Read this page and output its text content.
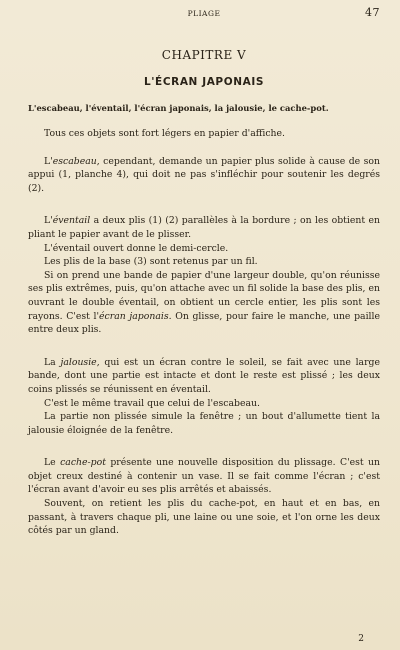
PLIAGE	47
CHAPITRE V
L'ÉCRAN JAPONAIS
L'escabeau, l'éventail, l'écran japonais, la jalousie, le cache-pot.

Tous ces objets sont fort légers en papier d'affiche.

L'escabeau, cependant, demande un papier plus solide à cause de son appui (1, planche 4), qui doit ne pas s'infléchir pour soutenir les degrés (2).

L'éventail a deux plis (1) (2) parallèles à la bordure ; on les obtient en pliant le papier avant de le plisser.

L'éventail ouvert donne le demi-cercle.

Les plis de la base (3) sont retenus par un fil.

Si on prend une bande de papier d'une largeur double, qu'on réunisse ses plis extrêmes, puis, qu'on attache avec un fil solide la base des plis, en ouvrant le double éventail, on obtient un cercle entier, les plis sont les rayons. C'est l'écran japonais. On glisse, pour faire le manche, une paille entre deux plis.

La jalousie, qui est un écran contre le soleil, se fait avec une large bande, dont une partie est intacte et dont le reste est plissé ; les deux coins plissés se réunissent en éventail.

C'est le même travail que celui de l'escabeau.

La partie non plissée simule la fenêtre ; un bout d'allumette tient la jalousie éloignée de la fenêtre.

Le cache-pot présente une nouvelle disposition du plissage. C'est un objet creux destiné à contenir un vase. Il se fait comme l'écran ; c'est l'écran avant d'avoir eu ses plis arrêtés et abaissés.

Souvent, on retient les plis du cache-pot, en haut et en bas, en passant, à travers chaque pli, une laine ou une soie, et l'on orne les deux côtés par un gland.

2
